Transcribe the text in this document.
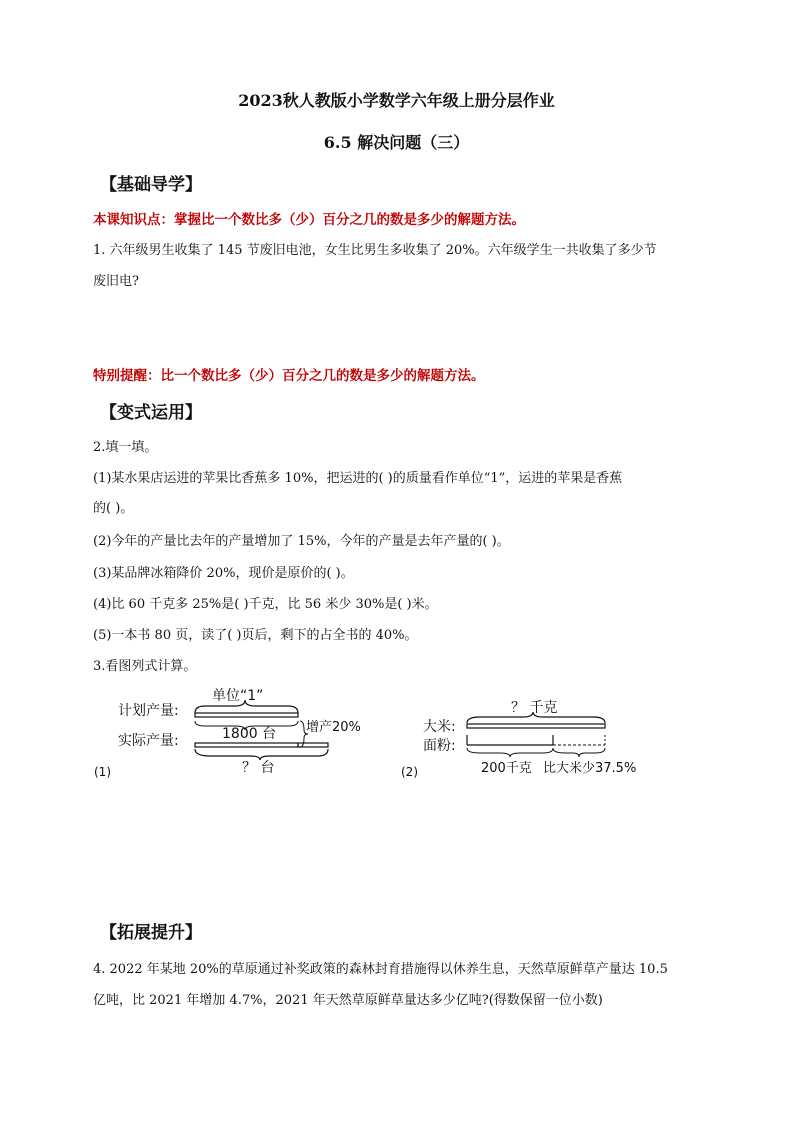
2023秋人教版小学数学六年级上册分层作业
6.5 解决问题（三）
【基础导学】
本课知识点：掌握比一个数比多（少）百分之几的数是多少的解题方法。
1. 六年级男生收集了 145 节废旧电池，女生比男生多收集了 20%。六年级学生一共收集了多少节
废旧电?
特别提醒：比一个数比多（少）百分之几的数是多少的解题方法。
【变式运用】
2.填一填。
(1)某水果店运进的苹果比香蕉多 10%，把运进的( )的质量看作单位“1”，运进的苹果是香蕉
的( )。
(2)今年的产量比去年的产量增加了 15%，今年的产量是去年产量的( )。
(3)某品牌冰箱降价 20%，现价是原价的( )。
(4)比 60 千克多 25%是( )千克，比 56 米少 30%是( )米。
(5)一本书 80 页，读了( )页后，剩下的占全书的 40%。
3.看图列式计算。
计划产量:
实际产量:
单位“1”
1800 台 增产20%
？ 台
(1)
？ 千克
大米:
面粉:
200千克 比大米少37.5%
(2)
【拓展提升】
4. 2022 年某地 20%的草原通过补奖政策的森林封育措施得以休养生息，天然草原鲜草产量达 10.5
亿吨，比 2021 年增加 4.7%，2021 年天然草原鲜草量达多少亿吨?(得数保留一位小数)
